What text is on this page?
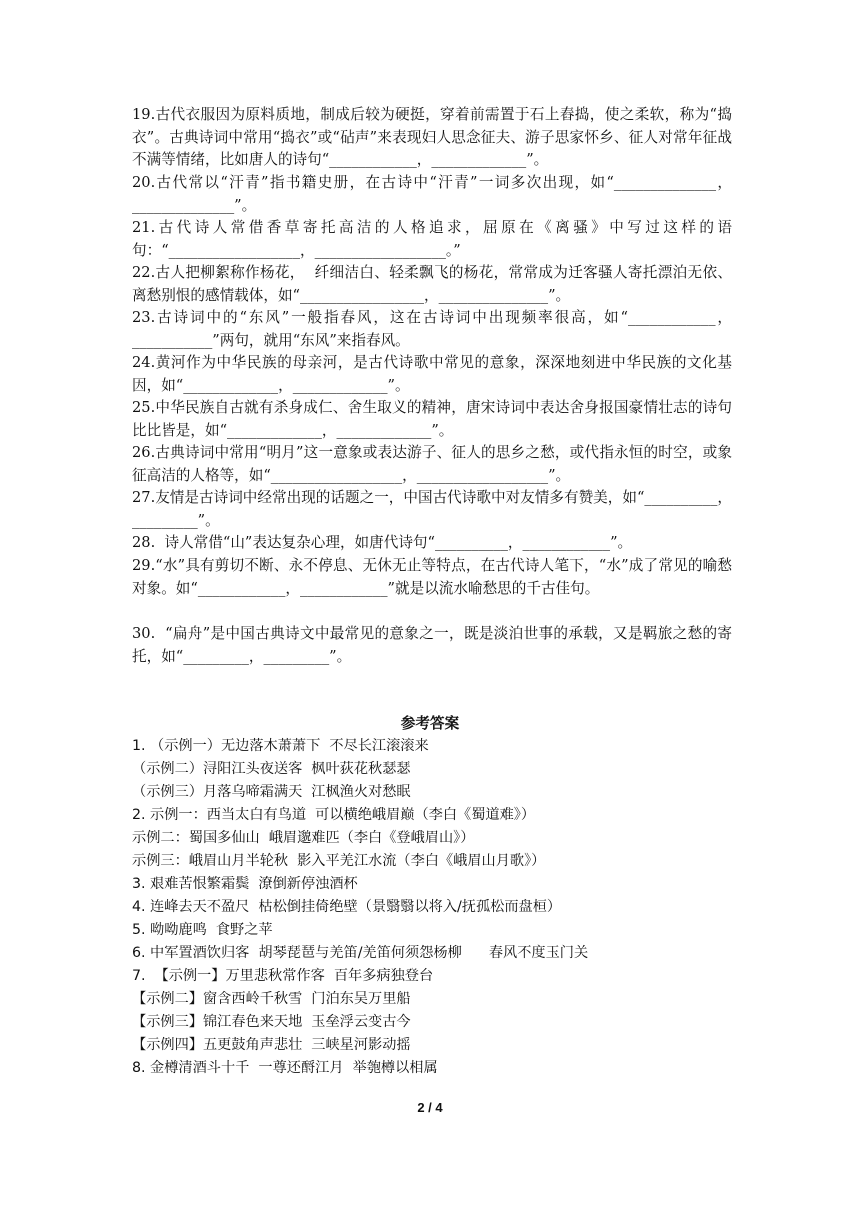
19.古代衣服因为原料质地，制成后较为硬挺，穿着前需置于石上舂捣，使之柔软，称为“捣衣”。古典诗词中常用“捣衣”或“砧声”来表现妇人思念征夫、游子思家怀乡、征人对常年征战不满等情绪，比如唐人的诗句“____________，_____________”。
20.古代常以“汗青”指书籍史册，在古诗中“汗青”一词多次出现，如“______________，______________”。
21.古代诗人常借香草寄托高洁的人格追求，屈原在《离骚》中写过这样的语句：“__________________，__________________。”
22.古人把柳絮称作杨花，  纤细洁白、轻柔飘飞的杨花，常常成为迁客骚人寄托漂泊无依、离愁别恨的感情载体，如“_________________，_______________”。
23.古诗词中的“东风”一般指春风，这在古诗词中出现频率很高，如“____________，___________”两句，就用“东风”来指春风。
24.黄河作为中华民族的母亲河，是古代诗歌中常见的意象，深深地刻进中华民族的文化基因，如“_____________，_____________”。
25.中华民族自古就有杀身成仁、舍生取义的精神，唐宋诗词中表达舍身报国豪情壮志的诗句比比皆是，如“_____________，_____________”。
26.古典诗词中常用“明月”这一意象或表达游子、征人的思乡之愁，或代指永恒的时空，或象征高洁的人格等，如“__________________，__________________”。
27.友情是古诗词中经常出现的话题之一，中国古代诗歌中对友情多有赞美，如“__________，_________”。
28.  诗人常借“山”表达复杂心理，如唐代诗句“__________，____________”。
29.“水”具有剪切不断、永不停息、无休无止等特点，在古代诗人笔下，“水”成了常见的喻愁对象。如“____________，____________”就是以流水喻愁思的千古佳句。
30.  “扁舟”是中国古典诗文中最常见的意象之一，既是淡泊世事的承载，又是羁旅之愁的寄托，如“_________，_________”。
参考答案
1. （示例一）无边落木萧萧下  不尽长江滚滚来
（示例二）浔阳江头夜送客  枫叶荻花秋瑟瑟
（示例三）月落乌啼霜满天  江枫渔火对愁眠
2. 示例一：西当太白有鸟道  可以横绝峨眉巅（李白《蜀道难》）
示例二：蜀国多仙山  峨眉邈难匹（李白《登峨眉山》）
示例三：峨眉山月半轮秋  影入平羌江水流（李白《峨眉山月歌》）
3. 艰难苦恨繁霜鬓  潦倒新停浊酒杯
4. 连峰去天不盈尺  枯松倒挂倚绝壁（景翳翳以将入/抚孤松而盘桓）
5. 呦呦鹿鸣  食野之苹
6. 中军置酒饮归客  胡琴琵琶与羌笛/羌笛何须怨杨柳      春风不度玉门关
7.  【示例一】万里悲秋常作客  百年多病独登台
【示例二】窗含西岭千秋雪  门泊东吴万里船
【示例三】锦江春色来天地  玉垒浮云变古今
【示例四】五更鼓角声悲壮  三峡星河影动摇
8. 金樽清酒斗十千  一尊还酹江月  举匏樽以相属
2 / 4
